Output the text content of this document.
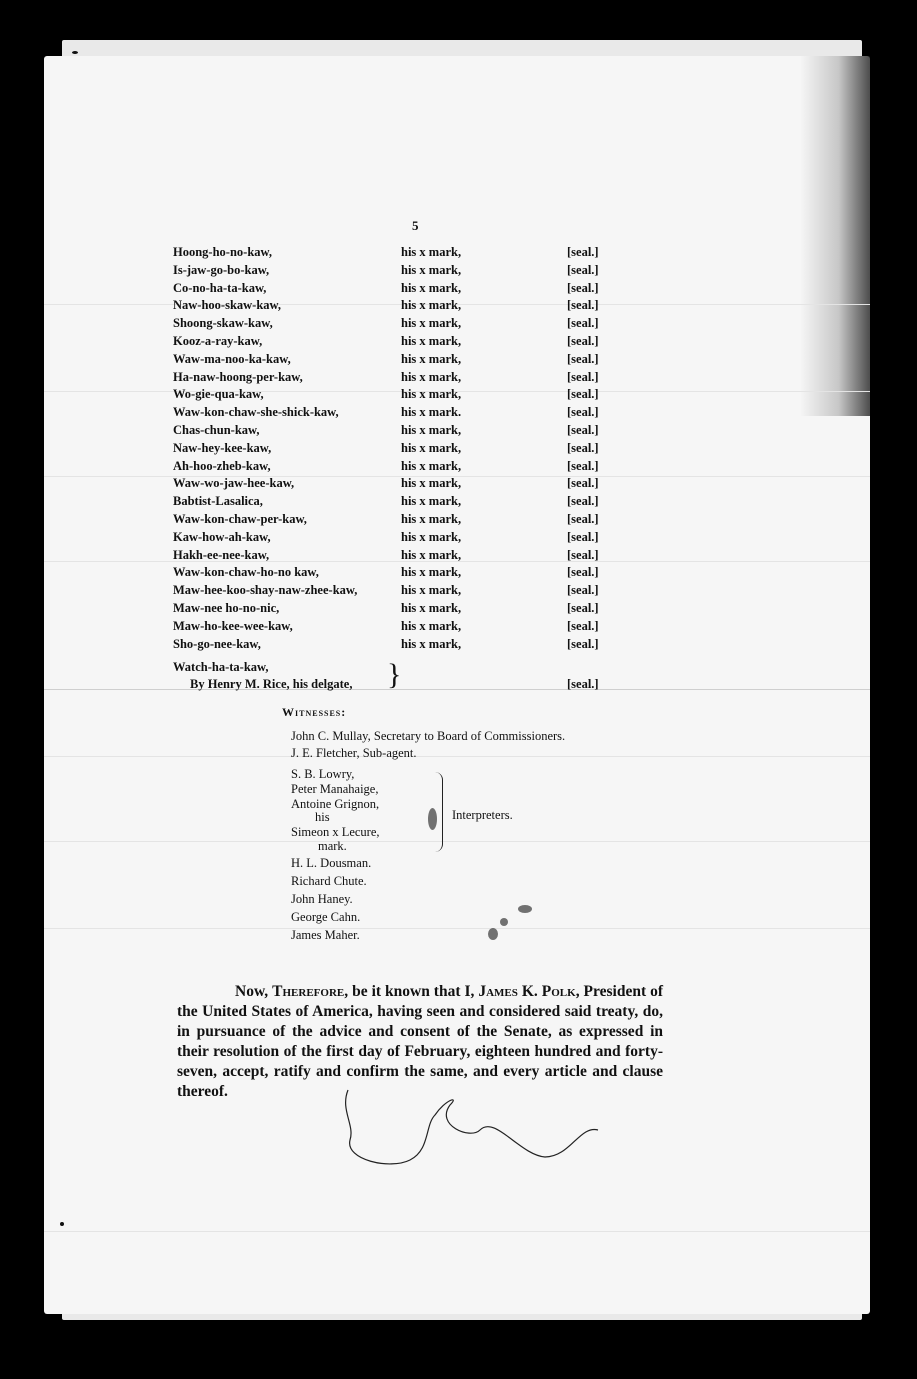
5
Hoong-ho-no-kaw,	his x mark,	[seal.]
Is-jaw-go-bo-kaw,	his x mark,	[seal.]
Co-no-ha-ta-kaw,	his x mark,	[seal.]
Naw-hoo-skaw-kaw,	his x mark,	[seal.]
Shoong-skaw-kaw,	his x mark,	[seal.]
Kooz-a-ray-kaw,	his x mark,	[seal.]
Waw-ma-noo-ka-kaw,	his x mark,	[seal.]
Ha-naw-hoong-per-kaw,	his x mark,	[seal.]
Wo-gie-qua-kaw,	his x mark,	[seal.]
Waw-kon-chaw-she-shick-kaw,	his x mark.	[seal.]
Chas-chun-kaw,	his x mark,	[seal.]
Naw-hey-kee-kaw,	his x mark,	[seal.]
Ah-hoo-zheb-kaw,	his x mark,	[seal.]
Waw-wo-jaw-hee-kaw,	his x mark,	[seal.]
Babtist-Lasalica,	his x mark,	[seal.]
Waw-kon-chaw-per-kaw,	his x mark,	[seal.]
Kaw-how-ah-kaw,	his x mark,	[seal.]
Hakh-ee-nee-kaw,	his x mark,	[seal.]
Waw-kon-chaw-ho-no kaw,	his x mark,	[seal.]
Maw-hee-koo-shay-naw-zhee-kaw,	his x mark,	[seal.]
Maw-nee ho-no-nic,	his x mark,	[seal.]
Maw-ho-kee-wee-kaw,	his x mark,	[seal.]
Sho-go-nee-kaw,	his x mark,	[seal.]
Watch-ha-ta-kaw,
By Henry M. Rice, his delgate, }	[seal.]
Witnesses:
John C. Mullay, Secretary to Board of Commissioners.
J. E. Fletcher, Sub-agent.
S. B. Lowry,
Peter Manahaige,
Antoine Grignon,
his
Simeon x Lecure,
mark.
Interpreters.
H. L. Dousman.
Richard Chute.
John Haney.
George Cahn.
James Maher.
Now, Therefore, be it known that I, James K. Polk, President of the United States of America, having seen and considered said treaty, do, in pursuance of the advice and consent of the Senate, as expressed in their resolution of the first day of February, eighteen hundred and forty-seven, accept, ratify and confirm the same, and every article and clause thereof.
